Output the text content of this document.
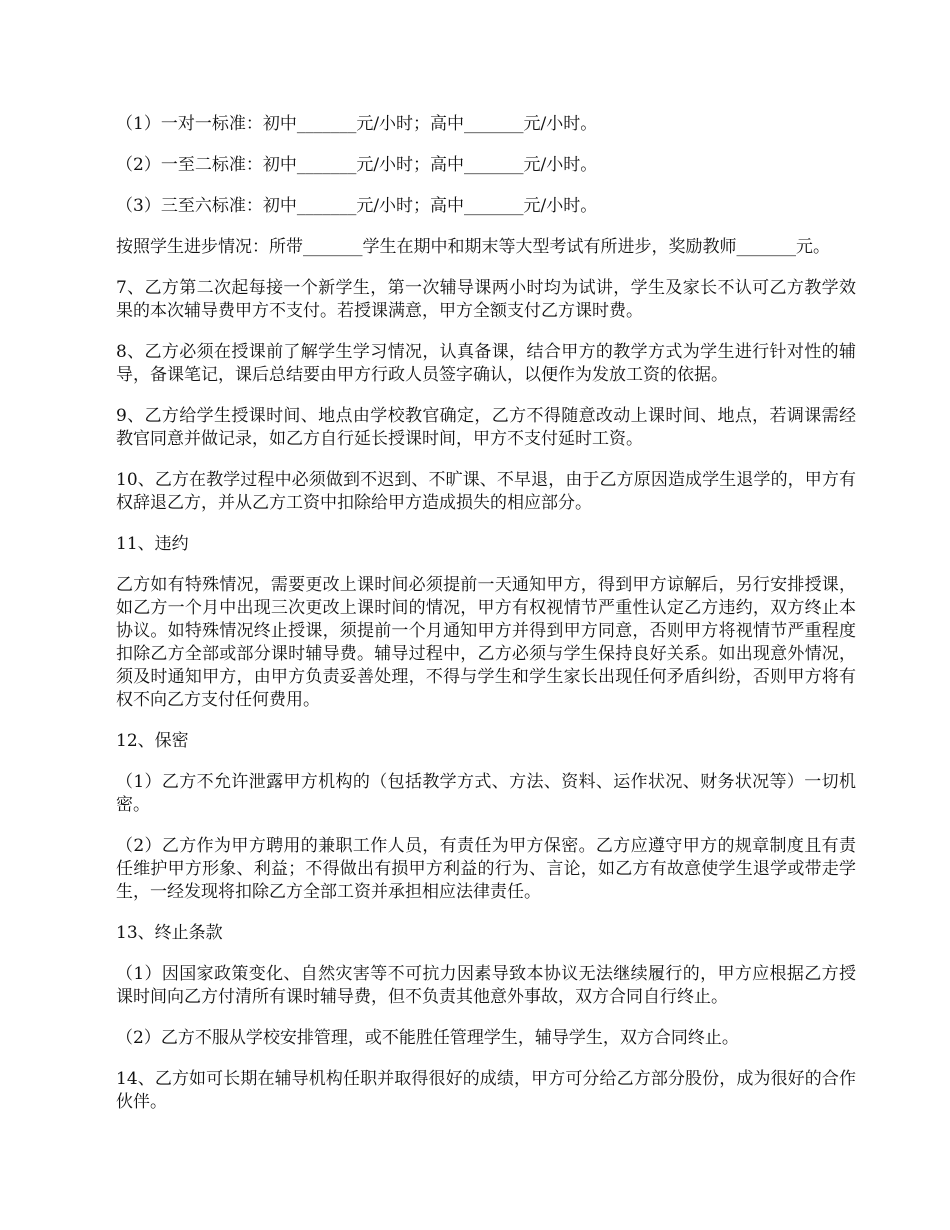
（1）一对一标准：初中_______元/小时；高中_______元/小时。

（2）一至二标准：初中_______元/小时；高中_______元/小时。

（3）三至六标准：初中_______元/小时；高中_______元/小时。

按照学生进步情况：所带_______学生在期中和期末等大型考试有所进步，奖励教师_______元。

7、乙方第二次起每接一个新学生，第一次辅导课两小时均为试讲，学生及家长不认可乙方教学效果的本次辅导费甲方不支付。若授课满意，甲方全额支付乙方课时费。

8、乙方必须在授课前了解学生学习情况，认真备课，结合甲方的教学方式为学生进行针对性的辅导，备课笔记，课后总结要由甲方行政人员签字确认，以便作为发放工资的依据。

9、乙方给学生授课时间、地点由学校教官确定，乙方不得随意改动上课时间、地点，若调课需经教官同意并做记录，如乙方自行延长授课时间，甲方不支付延时工资。

10、乙方在教学过程中必须做到不迟到、不旷课、不早退，由于乙方原因造成学生退学的，甲方有权辞退乙方，并从乙方工资中扣除给甲方造成损失的相应部分。

11、违约

乙方如有特殊情况，需要更改上课时间必须提前一天通知甲方，得到甲方谅解后，另行安排授课，如乙方一个月中出现三次更改上课时间的情况，甲方有权视情节严重性认定乙方违约，双方终止本协议。如特殊情况终止授课，须提前一个月通知甲方并得到甲方同意，否则甲方将视情节严重程度扣除乙方全部或部分课时辅导费。辅导过程中，乙方必须与学生保持良好关系。如出现意外情况，须及时通知甲方，由甲方负责妥善处理，不得与学生和学生家长出现任何矛盾纠纷，否则甲方将有权不向乙方支付任何费用。

12、保密

（1）乙方不允许泄露甲方机构的（包括教学方式、方法、资料、运作状况、财务状况等）一切机密。

（2）乙方作为甲方聘用的兼职工作人员，有责任为甲方保密。乙方应遵守甲方的规章制度且有责任维护甲方形象、利益；不得做出有损甲方利益的行为、言论，如乙方有故意使学生退学或带走学生，一经发现将扣除乙方全部工资并承担相应法律责任。

13、终止条款

（1）因国家政策变化、自然灾害等不可抗力因素导致本协议无法继续履行的，甲方应根据乙方授课时间向乙方付清所有课时辅导费，但不负责其他意外事故，双方合同自行终止。

（2）乙方不服从学校安排管理，或不能胜任管理学生，辅导学生，双方合同终止。

14、乙方如可长期在辅导机构任职并取得很好的成绩，甲方可分给乙方部分股份，成为很好的合作伙伴。
